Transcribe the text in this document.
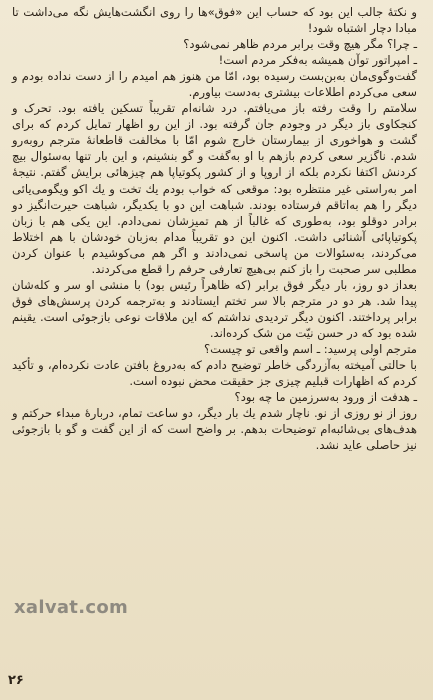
و نکتهٔ جالب این بود که حساب این «فوق»ها را روی انگشت‌هایش نگه می‌داشت تا مبادا دچار اشتباه شود!

ـ چرا؟ مگر هیچ وقت برابر مردم ظاهر نمی‌شود؟

ـ امپراتور توآن همیشه به‌فکر مردم است!

گفت‌وگوی‌مان به‌بن‌بست رسیده بود، امّا من هنوز هم امیدم را از دست نداده بودم و سعی می‌کردم اطلاعات بیشتری به‌دست بیاورم.

سلامتم را وقت رفته باز می‌یافتم. درد شانه‌ام تقریباً تسکین یافته بود. تحرک و کنجکاوی باز دیگر در وجودم جان گرفته بود. از این رو اظهار تمایل کردم که برای گشت و هواخوری از بیمارستان خارج شوم امّا با مخالفت قاطعانهٔ مترجم روبه‌رو شدم. ناگزیر سعی کردم بازهم با او به‌گفت و گو بنشینم، و این بار تنها به‌سئوال بیچ کردنش اکتفا نکردم بلکه از اروپا و از کشور پکوتیاپا هم چیزهائی برایش گفتم. نتیجهٔ امر به‌راستی غیر منتظره بود: موقعی که خواب بودم یك تخت و یك اكو ویگومی‌یائی دیگر را هم به‌اتاقم فرستاده بودند. شباهت این دو با یکدیگر، شباهت حیرت‌انگیز دو برادر دوقلو بود، به‌طوری که غالباً از هم تمیزشان نمی‌دادم. این یکی هم با زبان پکوتیاپائی آشنائی داشت. اکنون این دو تقریباً مدام به‌زبان خودشان با هم اختلاط می‌کردند، به‌سئوالات من پاسخی نمی‌دادند و اگر هم می‌کوشیدم با عنوان کردن مطلبی سر صحبت را باز کنم بی‌هیچ تعارفی حرفم را قطع می‌کردند.

بعداز دو روز، بار دیگر فوق برابر (که ظاهراً رئیس بود) با منشی او سر و کله‌شان پیدا شد. هر دو در مترجم بالا سر تختم ایستادند و به‌ترجمه کردن پرسش‌های فوق برابر پرداختند. اکنون دیگر تردیدی نداشتم که این ملاقات نوعی بازجوئی است. یقینم شده بود که در حسن نیّت من شک کرده‌اند.

مترجم اولی پرسید: ـ اسم واقعی تو چیست؟

با حالتی آمیخته به‌آزردگی خاطر توضیح دادم که به‌دروغ بافتن عادت نکرده‌ام، و تأکید کردم که اظهارات قبلیم چیزی جز حقیقت محض نبوده است.

ـ هدفت از ورود به‌سرزمین ما چه بود؟

روز از نو روزی از نو. ناچار شدم یك بار دیگر، دو ساعت تمام، دربارهٔ مبداء حرکتم و هدف‌های بی‌شائبه‌ام توضیحات بدهم. بر واضح است که از این گفت و گو با بازجوئی نیز حاصلی عاید نشد.

xalvat.com
۲۶
